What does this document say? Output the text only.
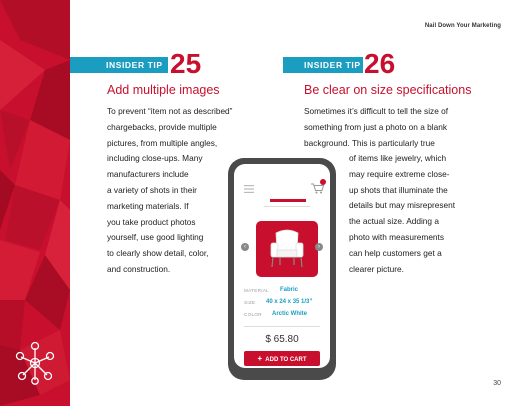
Nail Down Your Marketing
INSIDER TIP 25
Add multiple images
To prevent “item not as described”
chargebacks, provide multiple
pictures, from multiple angles,
including close-ups. Many
manufacturers include
a variety of shots in their
marketing materials. If
you take product photos
yourself, use good lighting
to clearly show detail, color,
and construction.
INSIDER TIP 26
Be clear on size specifications
Sometimes it’s difficult to tell the size of
something from just a photo on a blank
background. This is particularly true
of items like jewelry, which
may require extreme close-
up shots that illuminate the
details but may misrepresent
the actual size. Adding a
photo with measurements
can help customers get a
clearer picture.
‹	›
MATERIAL Fabric
SIZE 40 x 24 x 35 1/3”
COLOR Arctic White
$ 65.80
+ ADD TO CART
30
